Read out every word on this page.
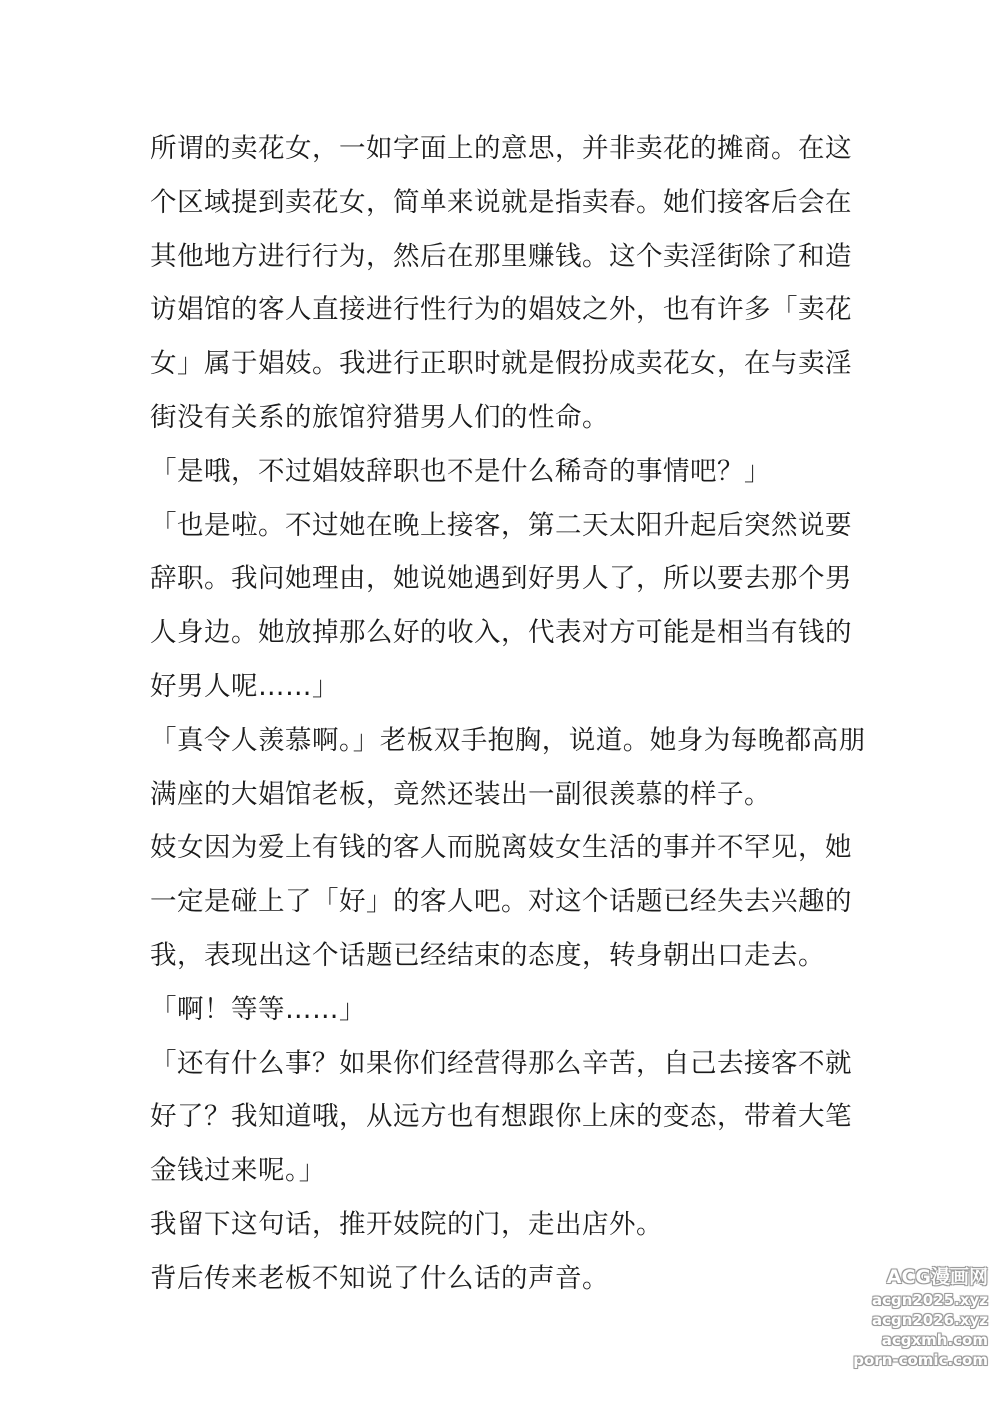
所谓的卖花女，一如字面上的意思，并非卖花的摊商。在这
个区域提到卖花女，简单来说就是指卖春。她们接客后会在
其他地方进行行为，然后在那里赚钱。这个卖淫街除了和造
访娼馆的客人直接进行性行为的娼妓之外，也有许多「卖花
女」属于娼妓。我进行正职时就是假扮成卖花女，在与卖淫
街没有关系的旅馆狩猎男人们的性命。
「是哦，不过娼妓辞职也不是什么稀奇的事情吧？」
「也是啦。不过她在晚上接客，第二天太阳升起后突然说要
辞职。我问她理由，她说她遇到好男人了，所以要去那个男
人身边。她放掉那么好的收入，代表对方可能是相当有钱的
好男人呢……」
「真令人羡慕啊。」老板双手抱胸，说道。她身为每晚都高朋
满座的大娼馆老板，竟然还装出一副很羡慕的样子。
妓女因为爱上有钱的客人而脱离妓女生活的事并不罕见，她
一定是碰上了「好」的客人吧。对这个话题已经失去兴趣的
我，表现出这个话题已经结束的态度，转身朝出口走去。
「啊！等等……」
「还有什么事？如果你们经营得那么辛苦，自己去接客不就
好了？我知道哦，从远方也有想跟你上床的变态，带着大笔
金钱过来呢。」
我留下这句话，推开妓院的门，走出店外。
背后传来老板不知说了什么话的声音。	ACG漫画网
acgn2025.xyz
acgn2026.xyz
acgxmh.com
porn-comic.com
